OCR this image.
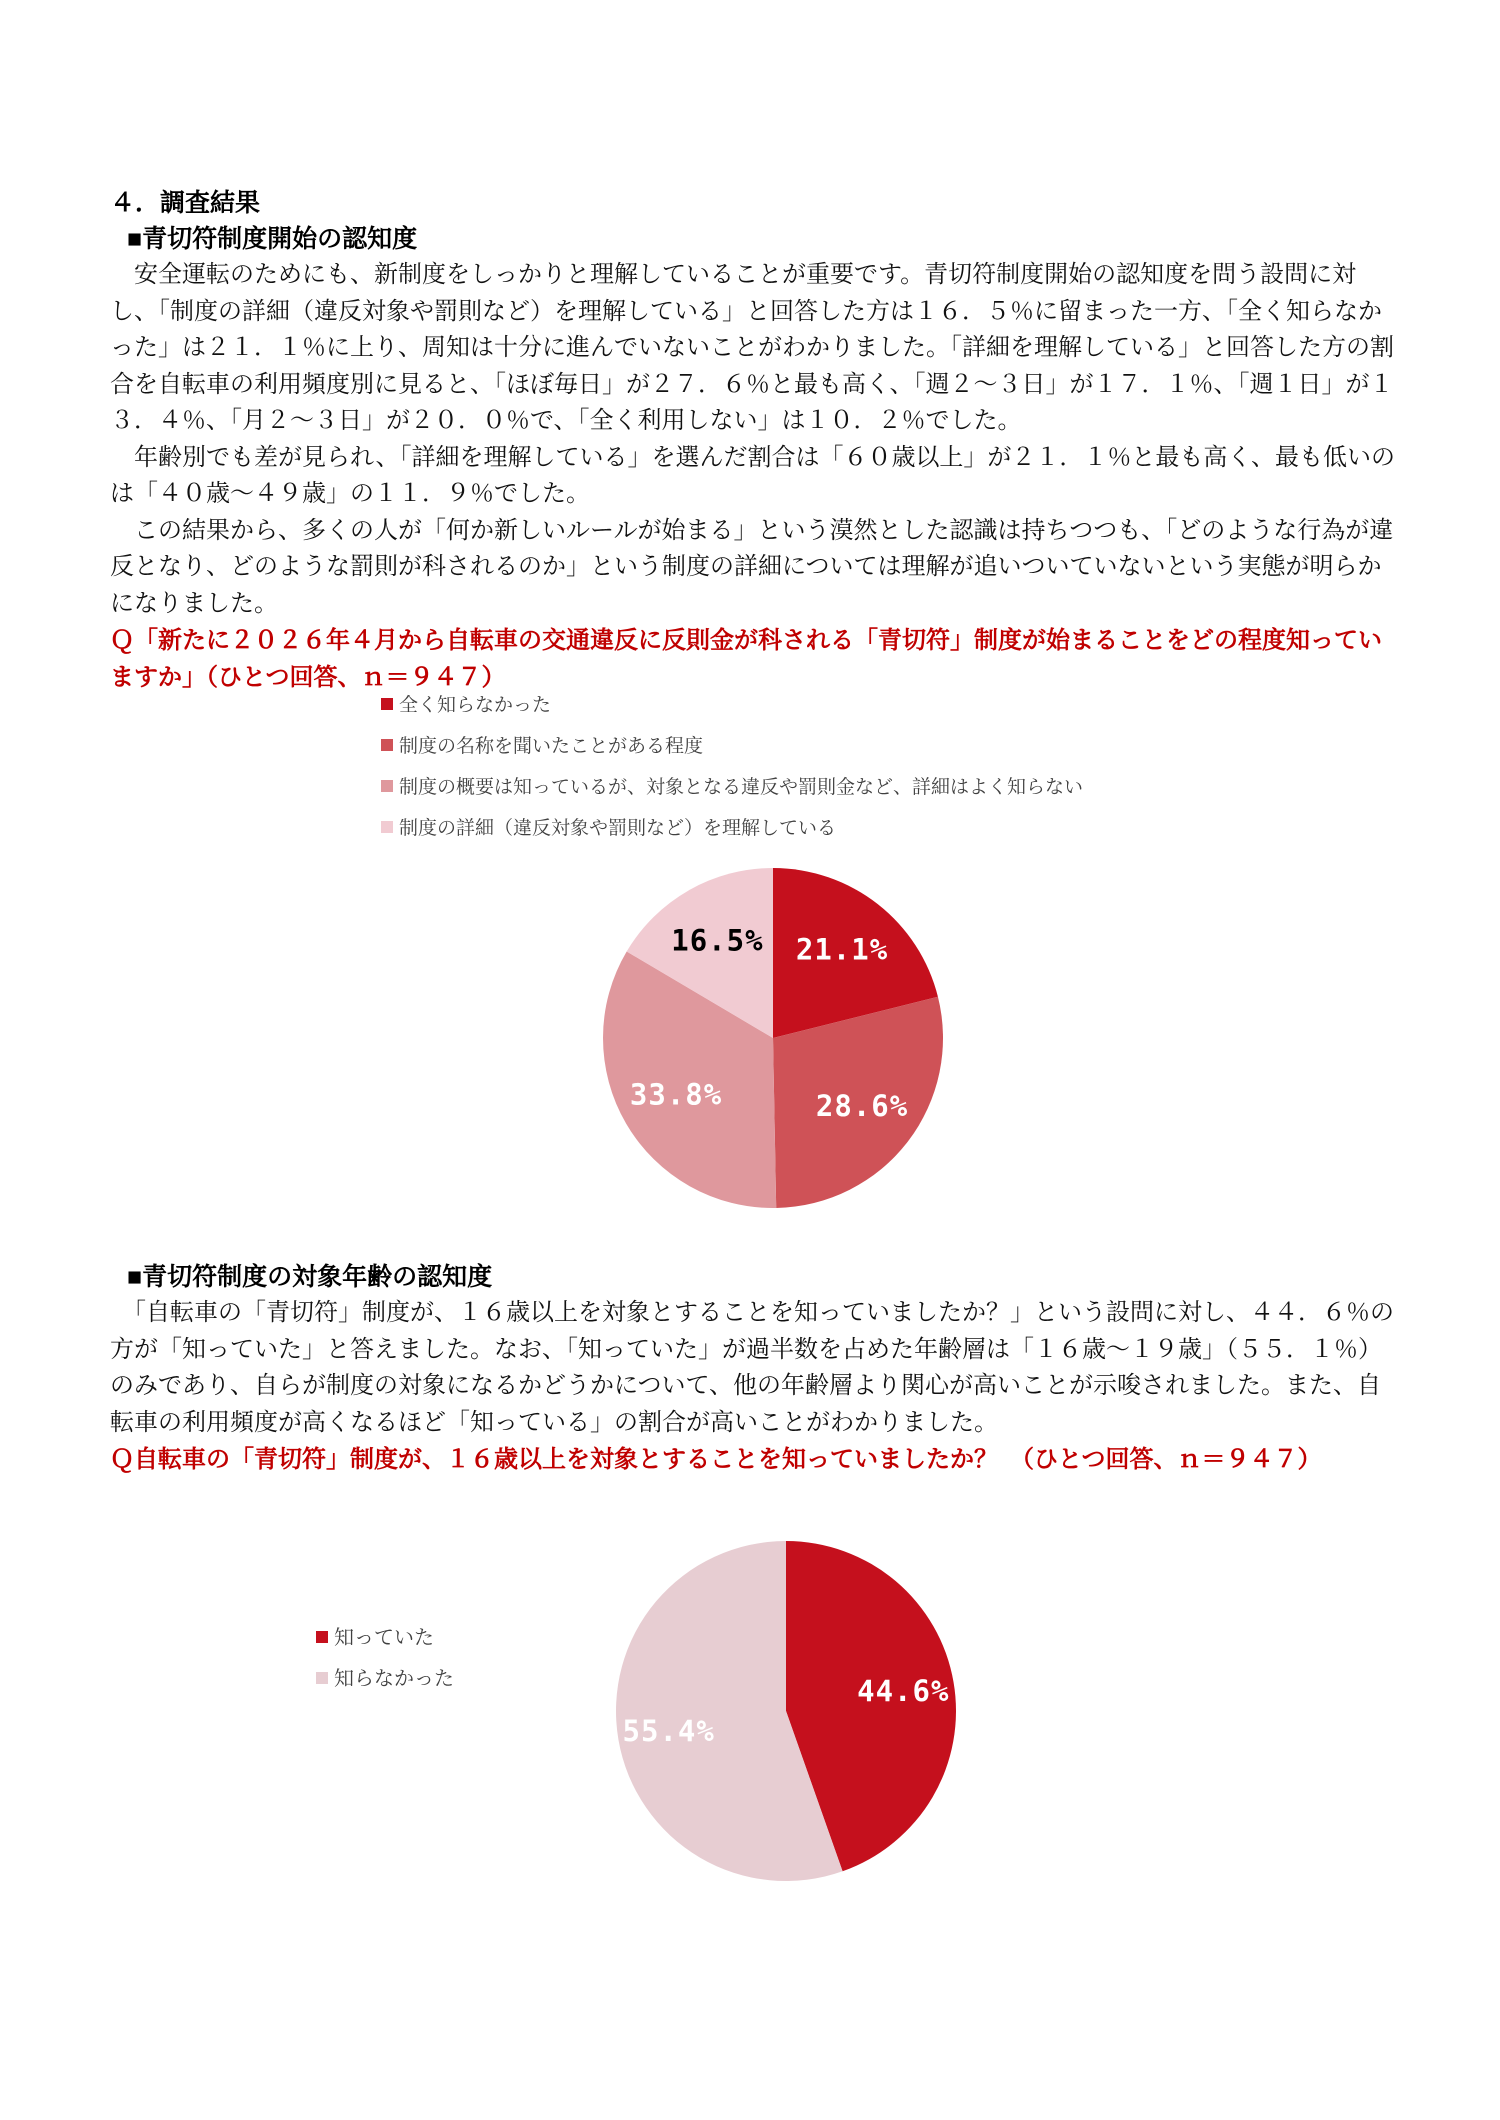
４．調査結果
■青切符制度開始の認知度

　安全運転のためにも、新制度をしっかりと理解していることが重要です。青切符制度開始の認知度を問う設問に対し、「制度の詳細（違反対象や罰則など）を理解している」と回答した方は１６．５％に留まった一方、「全く知らなかった」は２１．１％に上り、周知は十分に進んでいないことがわかりました。「詳細を理解している」と回答した方の割合を自転車の利用頻度別に見ると、「ほぼ毎日」が２７．６％と最も高く、「週２～３日」が１７．１％、「週１日」が１３．４％、「月２～３日」が２０．０％で、「全く利用しない」は１０．２％でした。

　年齢別でも差が見られ、「詳細を理解している」を選んだ割合は「６０歳以上」が２１．１％と最も高く、最も低いのは「４０歳～４９歳」の１１．９％でした。

　この結果から、多くの人が「何か新しいルールが始まる」という漠然とした認識は持ちつつも、「どのような行為が違反となり、どのような罰則が科されるのか」という制度の詳細については理解が追いついていないという実態が明らかになりました。

Ｑ「新たに２０２６年４月から自転車の交通違反に反則金が科される「青切符」制度が始まることをどの程度知っていますか」（ひとつ回答、ｎ＝９４７）

全く知らなかった
制度の名称を聞いたことがある程度
制度の概要は知っているが、対象となる違反や罰則金など、詳細はよく知らない
制度の詳細（違反対象や罰則など）を理解している
21.1%
28.6%
33.8%
16.5%
■青切符制度の対象年齢の認知度

　「自転車の「青切符」制度が、１６歳以上を対象とすることを知っていましたか？」という設問に対し、４４．６％の方が「知っていた」と答えました。なお、「知っていた」が過半数を占めた年齢層は「１６歳～１９歳」（５５．１％）のみであり、自らが制度の対象になるかどうかについて、他の年齢層より関心が高いことが示唆されました。また、自転車の利用頻度が高くなるほど「知っている」の割合が高いことがわかりました。

Ｑ自転車の「青切符」制度が、１６歳以上を対象とすることを知っていましたか？　（ひとつ回答、ｎ＝９４７）

知っていた
知らなかった	44.6%
55.4%
